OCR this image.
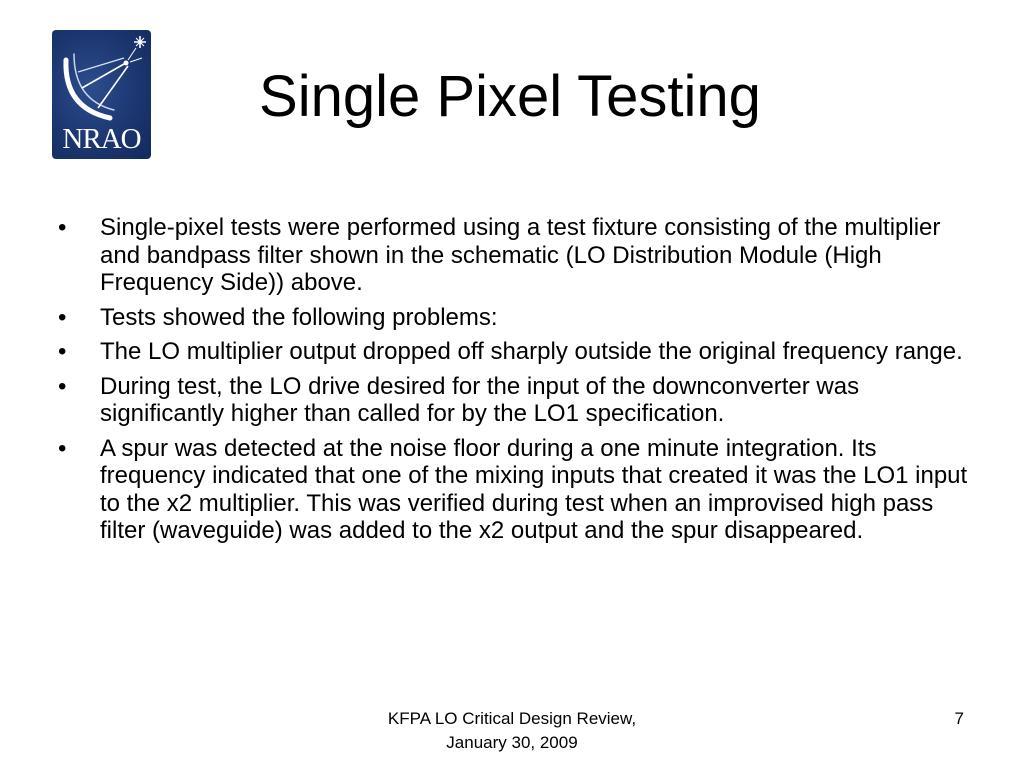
NRAO
Single Pixel Testing
• Single-pixel tests were performed using a test fixture consisting of the multiplier and bandpass filter shown in the schematic (LO Distribution Module (High Frequency Side)) above.
• Tests showed the following problems:
• The LO multiplier output dropped off sharply outside the original frequency range.
• During test, the LO drive desired for the input of the downconverter was significantly higher than called for by the LO1 specification.
• A spur was detected at the noise floor during a one minute integration. Its frequency indicated that one of the mixing inputs that created it was the LO1 input to the x2 multiplier. This was verified during test when an improvised high pass filter (waveguide) was added to the x2 output and the spur disappeared.
KFPA LO Critical Design Review,
January 30, 2009
7
